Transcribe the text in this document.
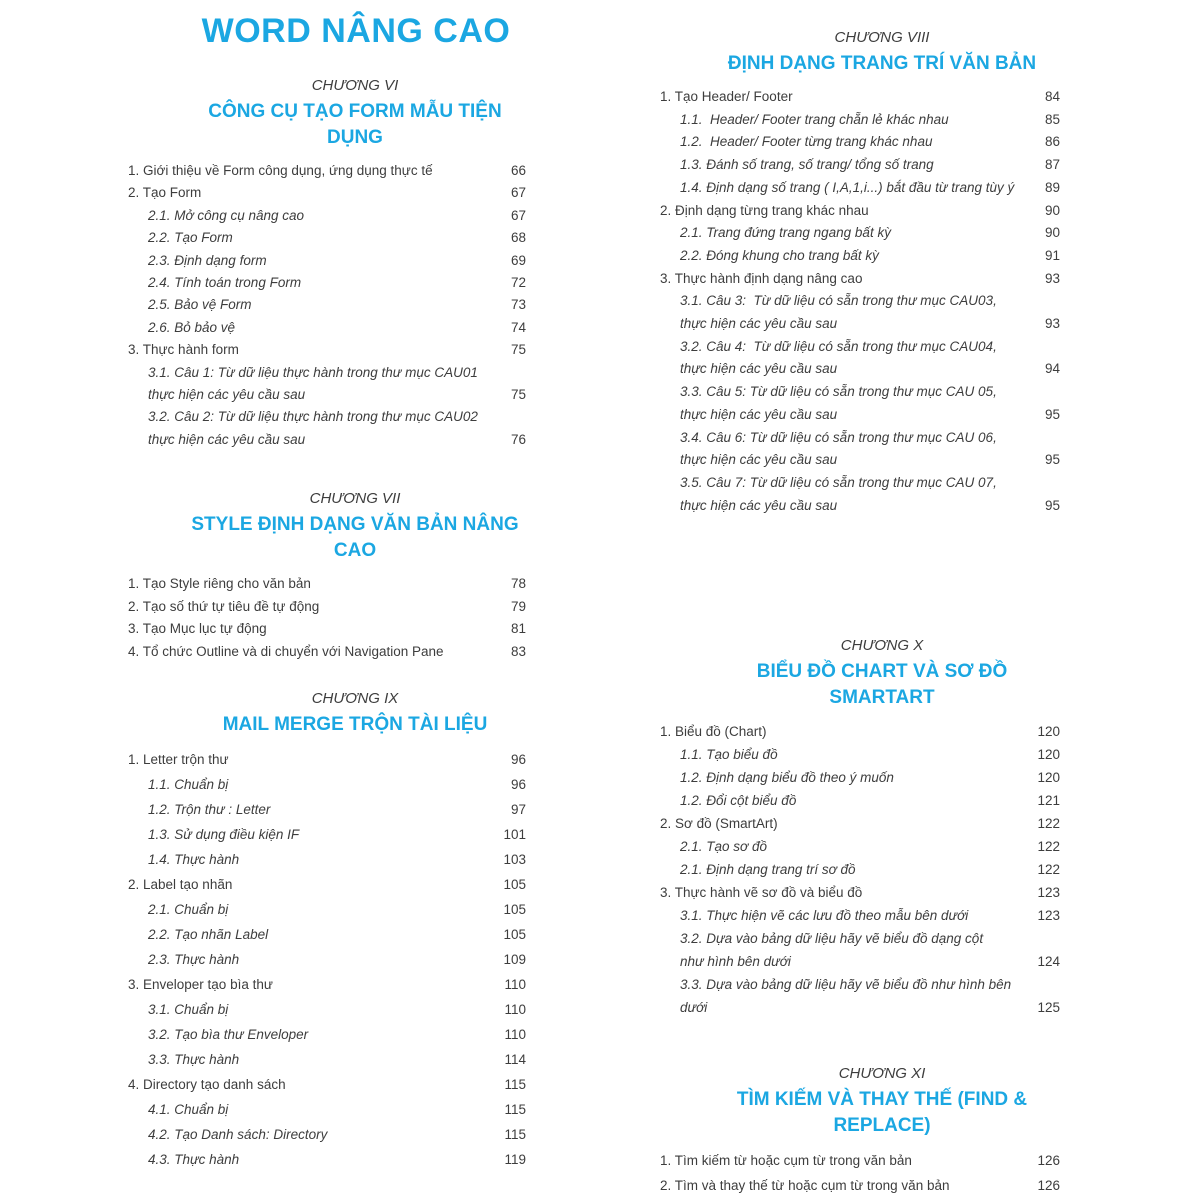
WORD NÂNG CAO
CHƯƠNG VI
CÔNG CỤ TẠO FORM MẪU TIỆN DỤNG
1. Giới thiệu về Form công dụng, ứng dụng thực tế	66
2. Tạo Form	67
2.1. Mở công cụ nâng cao	67
2.2. Tạo Form	68
2.3. Định dạng form	69
2.4. Tính toán trong Form	72
2.5. Bảo vệ Form	73
2.6. Bỏ bảo vệ	74
3. Thực hành form	75
3.1. Câu 1: Từ dữ liệu thực hành trong thư mục CAU01
thực hiện các yêu cầu sau	75
3.2. Câu 2: Từ dữ liệu thực hành trong thư mục CAU02
thực hiện các yêu cầu sau	76
CHƯƠNG VII
STYLE ĐỊNH DẠNG VĂN BẢN NÂNG CAO
1. Tạo Style riêng cho văn bản	78
2. Tạo số thứ tự tiêu đề tự động	79
3. Tạo Mục lục tự động	81
4. Tổ chức Outline và di chuyển với Navigation Pane	83
CHƯƠNG IX
MAIL MERGE TRỘN TÀI LIỆU
1. Letter trộn thư	96
1.1. Chuẩn bị	96
1.2. Trộn thư : Letter	97
1.3. Sử dụng điều kiện IF	101
1.4. Thực hành	103
2. Label tạo nhãn	105
2.1. Chuẩn bị	105
2.2. Tạo nhãn Label	105
2.3. Thực hành	109
3. Enveloper tạo bìa thư	110
3.1. Chuẩn bị	110
3.2. Tạo bìa thư Enveloper	110
3.3. Thực hành	114
4. Directory tạo danh sách	115
4.1. Chuẩn bị	115
4.2. Tạo Danh sách: Directory	115
4.3. Thực hành	119
CHƯƠNG VIII
ĐỊNH DẠNG TRANG TRÍ VĂN BẢN
1. Tạo Header/ Footer	84
1.1.  Header/ Footer trang chẵn lẻ khác nhau	85
1.2.  Header/ Footer từng trang khác nhau	86
1.3. Đánh số trang, số trang/ tổng số trang	87
1.4. Định dạng số trang ( I,A,1,i...) bắt đầu từ trang tùy ý	89
2. Định dạng từng trang khác nhau	90
2.1. Trang đứng trang ngang bất kỳ	90
2.2. Đóng khung cho trang bất kỳ	91
3. Thực hành định dạng nâng cao	93
3.1. Câu 3:  Từ dữ liệu có sẵn trong thư mục CAU03,
thực hiện các yêu cầu sau	93
3.2. Câu 4:  Từ dữ liệu có sẵn trong thư mục CAU04,
thực hiện các yêu cầu sau	94
3.3. Câu 5: Từ dữ liệu có sẵn trong thư mục CAU 05,
thực hiện các yêu cầu sau	95
3.4. Câu 6: Từ dữ liệu có sẵn trong thư mục CAU 06,
thực hiện các yêu cầu sau	95
3.5. Câu 7: Từ dữ liệu có sẵn trong thư mục CAU 07,
thực hiện các yêu cầu sau	95
CHƯƠNG X
BIỂU ĐỒ CHART VÀ SƠ ĐỒ SMARTART
1. Biểu đồ (Chart)	120
1.1. Tạo biểu đồ	120
1.2. Định dạng biểu đồ theo ý muốn	120
1.2. Đổi cột biểu đồ	121
2. Sơ đồ (SmartArt)	122
2.1. Tạo sơ đồ	122
2.1. Định dạng trang trí sơ đồ	122
3. Thực hành vẽ sơ đồ và biểu đồ	123
3.1. Thực hiện vẽ các lưu đồ theo mẫu bên dưới	123
3.2. Dựa vào bảng dữ liệu hãy vẽ biểu đồ dạng cột
như hình bên dưới	124
3.3. Dựa vào bảng dữ liệu hãy vẽ biểu đồ như hình bên dưới	125
CHƯƠNG XI
TÌM KIẾM VÀ THAY THẾ (FIND & REPLACE)
1. Tìm kiếm từ hoặc cụm từ trong văn bản	126
2. Tìm và thay thế từ hoặc cụm từ trong văn bản	126
